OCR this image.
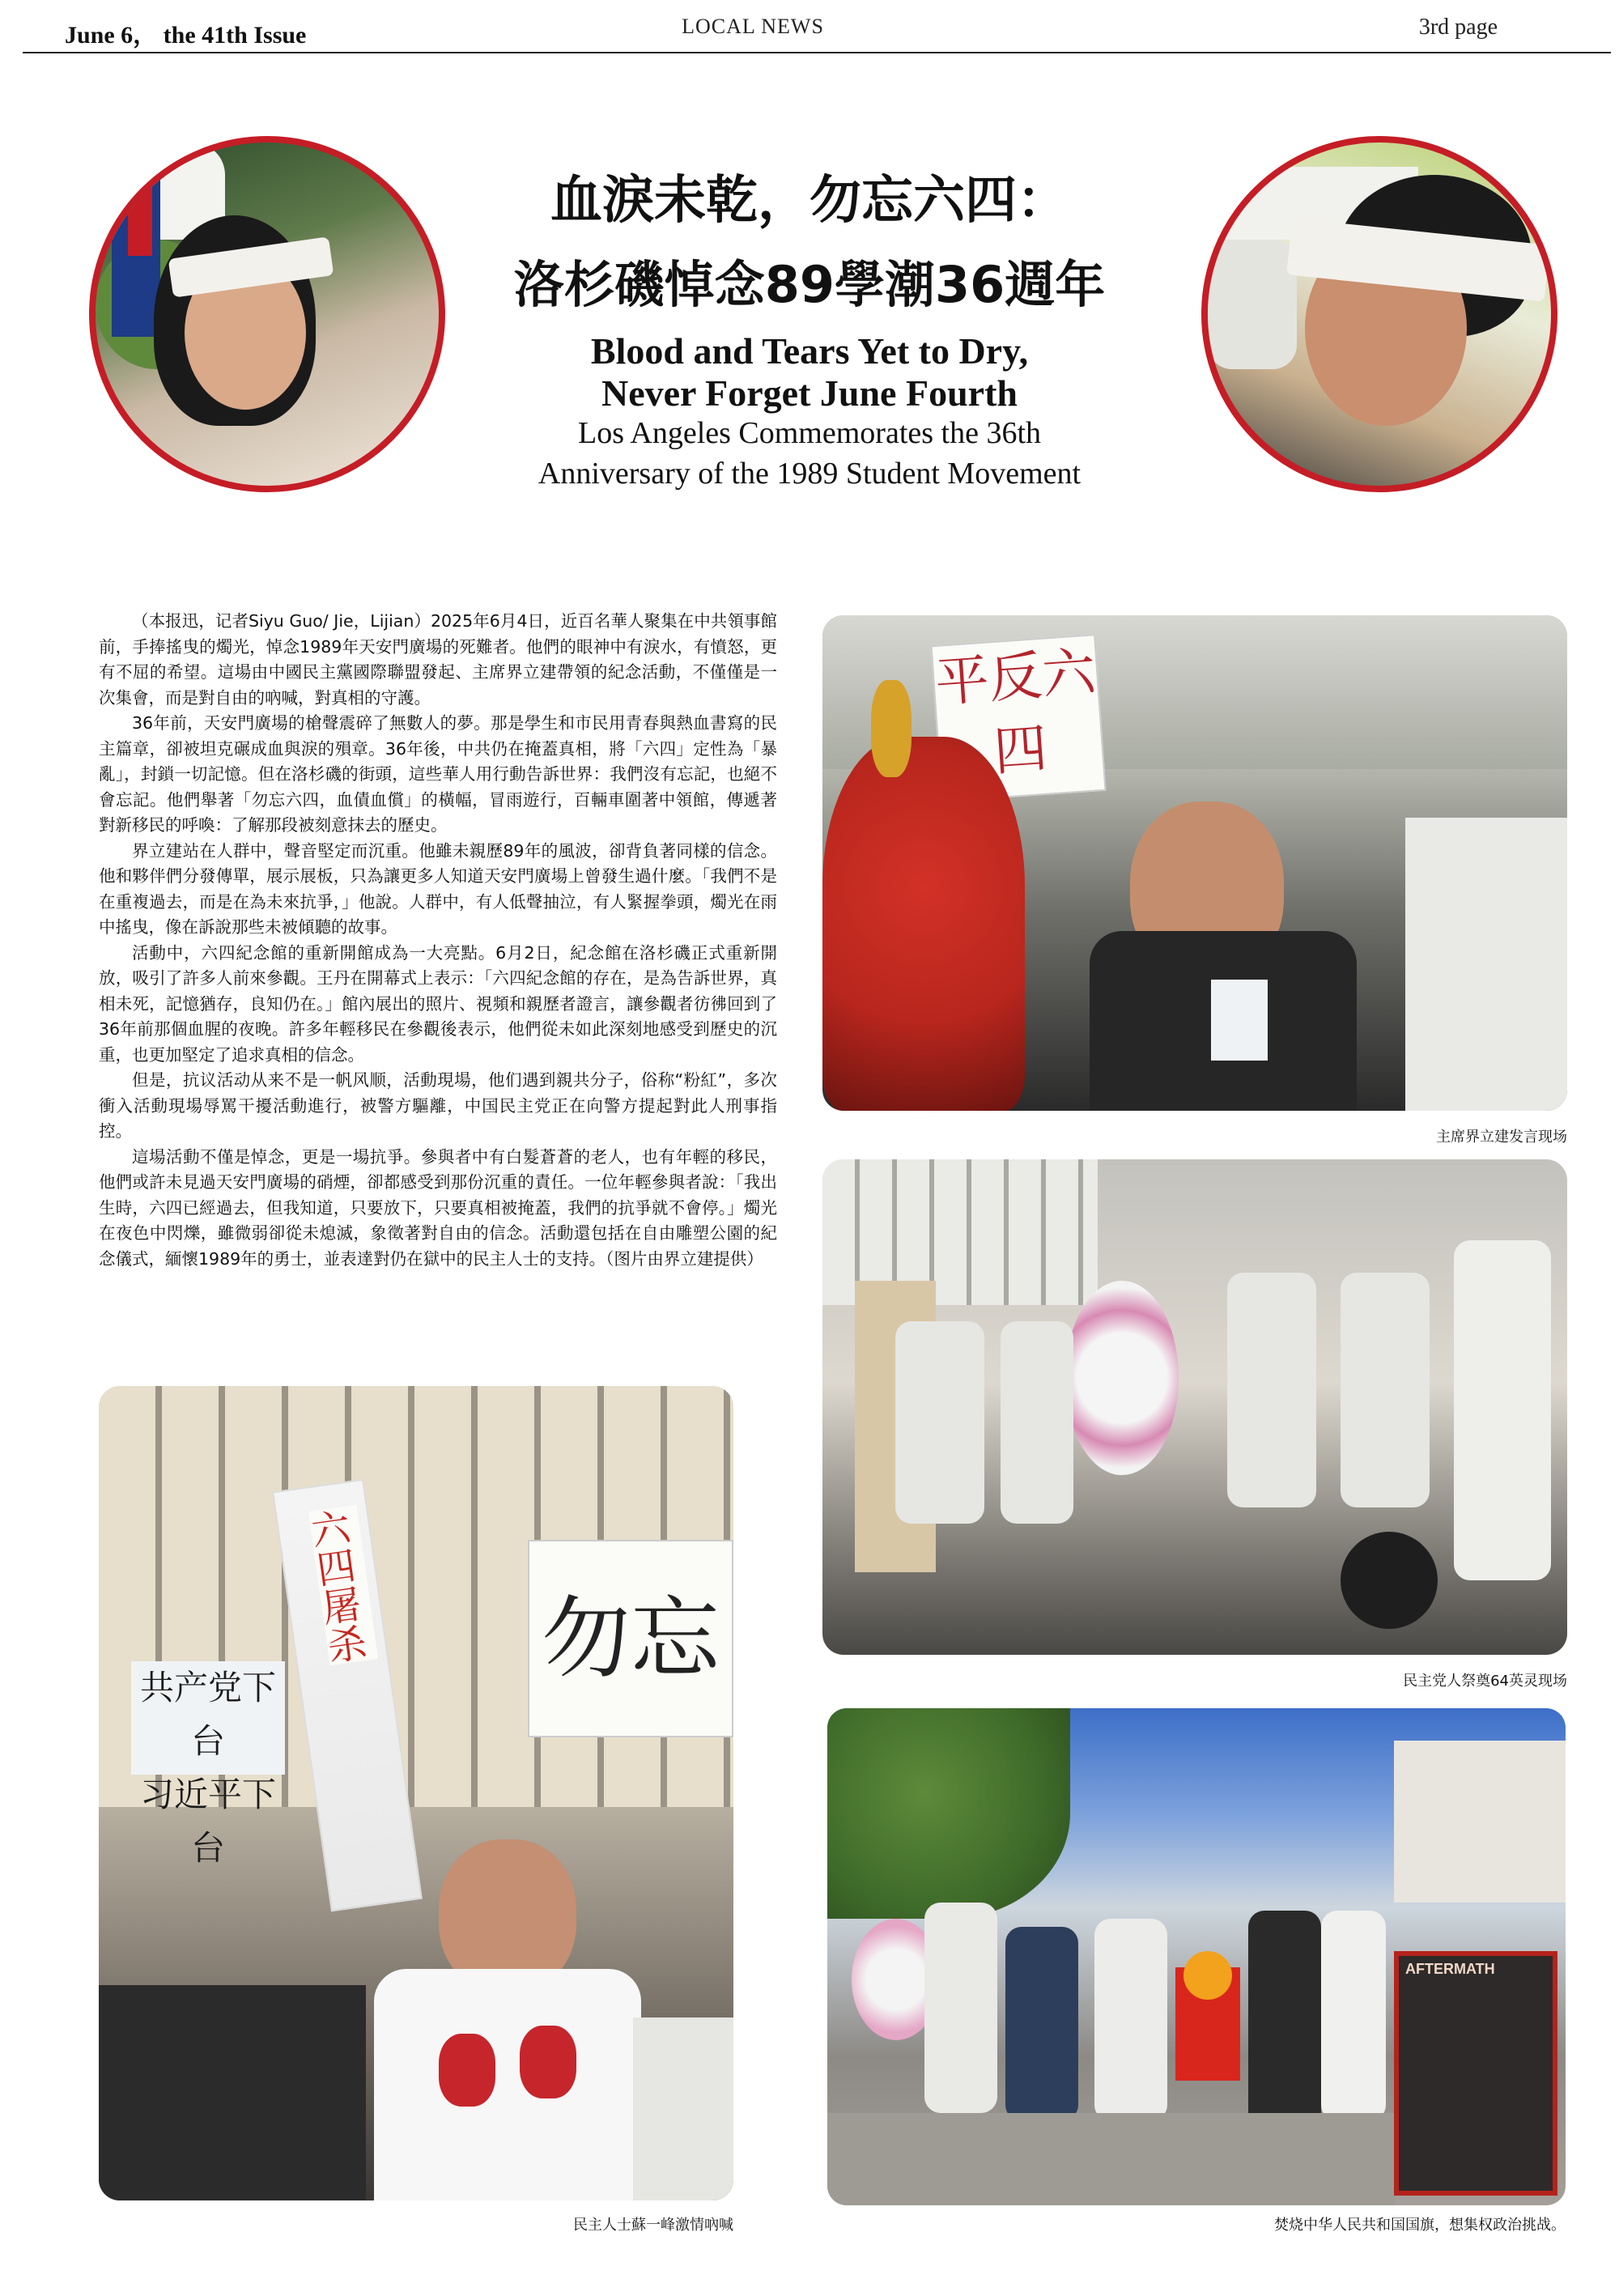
June 6， the 41th Issue	LOCAL NEWS	3rd page
血淚未乾，勿忘六四：
洛杉磯悼念89學潮36週年
Blood and Tears Yet to Dry,
Never Forget June Fourth
Los Angeles Commemorates the 36th
Anniversary of the 1989 Student Movement

（本报迅，记者Siyu Guo/ Jie，Lijian）2025年6月4日，近百名華人聚集在中共領事館前，手捧搖曳的燭光，悼念1989年天安門廣場的死難者。他們的眼神中有淚水，有憤怒，更有不屈的希望。這場由中國民主黨國際聯盟發起、主席界立建帶領的紀念活動，不僅僅是一次集會，而是對自由的吶喊，對真相的守護。

36年前，天安門廣場的槍聲震碎了無數人的夢。那是學生和市民用青春與熱血書寫的民主篇章，卻被坦克碾成血與淚的殞章。36年後，中共仍在掩蓋真相，將「六四」定性為「暴亂」，封鎖一切記憶。但在洛杉磯的街頭，這些華人用行動告訴世界：我們沒有忘記，也絕不會忘記。他們舉著「勿忘六四，血債血償」的橫幅，冒雨遊行，百輛車圍著中領館，傳遞著對新移民的呼喚：了解那段被刻意抹去的歷史。

界立建站在人群中，聲音堅定而沉重。他雖未親歷89年的風波，卻背負著同樣的信念。他和夥伴們分發傳單，展示展板，只為讓更多人知道天安門廣場上曾發生過什麼。「我們不是在重複過去，而是在為未來抗爭，」他說。人群中，有人低聲抽泣，有人緊握拳頭，燭光在雨中搖曳，像在訴說那些未被傾聽的故事。

活動中，六四紀念館的重新開館成為一大亮點。6月2日，紀念館在洛杉磯正式重新開放，吸引了許多人前來參觀。王丹在開幕式上表示：「六四紀念館的存在，是為告訴世界，真相未死，記憶猶存，良知仍在。」館內展出的照片、視頻和親歷者證言，讓參觀者彷彿回到了36年前那個血腥的夜晚。許多年輕移民在參觀後表示，他們從未如此深刻地感受到歷史的沉重，也更加堅定了追求真相的信念。

但是，抗议活动从来不是一帆风顺，活動現場，他们遇到親共分子，俗称“粉紅”，多次衝入活動現場辱罵干擾活動進行，被警方驅離，中国民主党正在向警方提起對此人刑事指控。

這場活動不僅是悼念，更是一場抗爭。參與者中有白髮蒼蒼的老人，也有年輕的移民，他們或許未見過天安門廣場的硝煙，卻都感受到那份沉重的責任。一位年輕參與者說：「我出生時，六四已經過去，但我知道，只要放下，只要真相被掩蓋，我們的抗爭就不會停。」燭光在夜色中閃爍，雖微弱卻從未熄滅，象徵著對自由的信念。活動還包括在自由雕塑公園的紀念儀式，緬懷1989年的勇士，並表達對仍在獄中的民主人士的支持。（图片由界立建提供）

平反六四
主席界立建发言现场
民主党人祭奠64英灵现场
共产党下台
习近平下台
六四屠杀 勿忘
民主人士蘇一峰激情吶喊
AFTERMATH
焚烧中华人民共和国国旗，想集权政治挑战。
